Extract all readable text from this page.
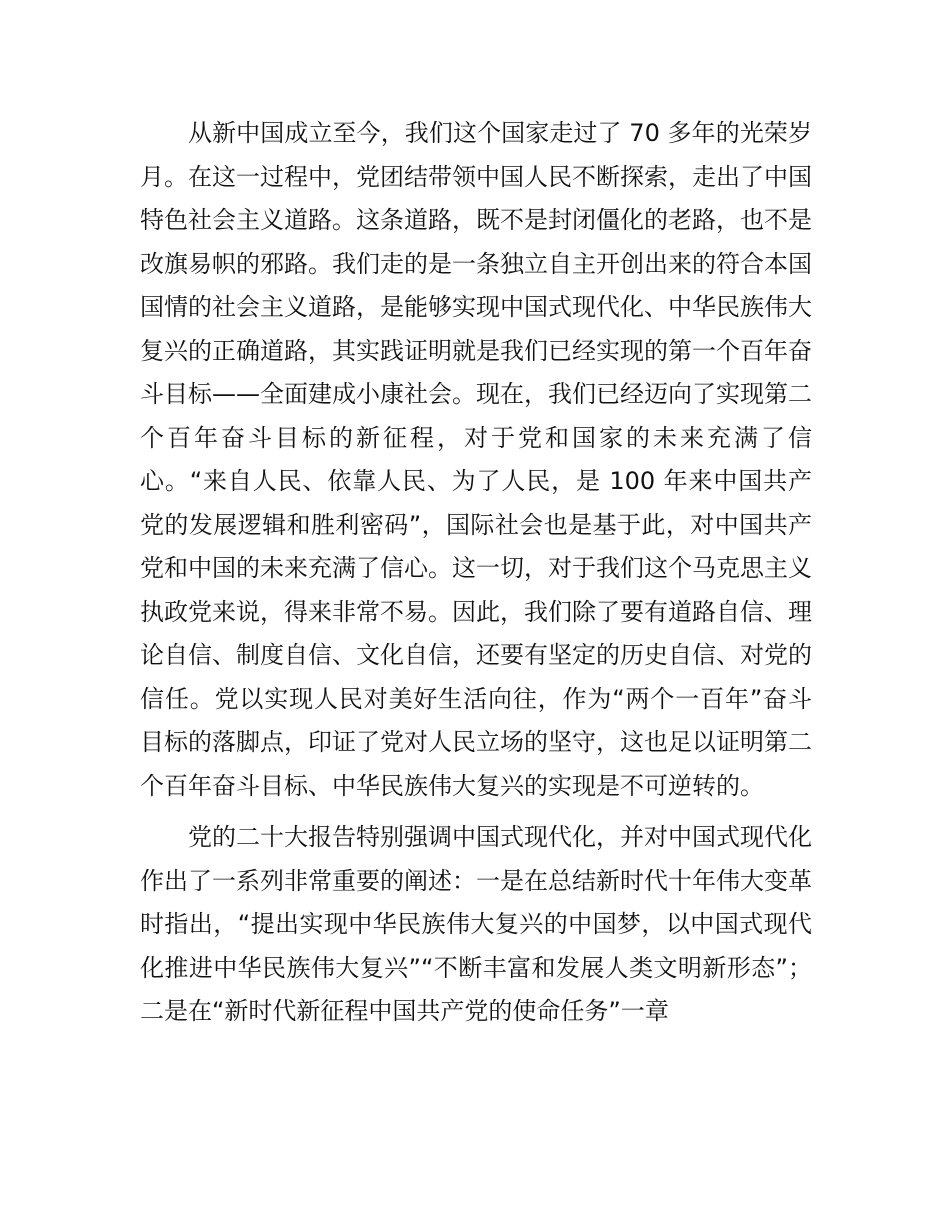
从新中国成立至今，我们这个国家走过了 70 多年的光荣岁月。在这一过程中，党团结带领中国人民不断探索，走出了中国特色社会主义道路。这条道路，既不是封闭僵化的老路，也不是改旗易帜的邪路。我们走的是一条独立自主开创出来的符合本国国情的社会主义道路，是能够实现中国式现代化、中华民族伟大复兴的正确道路，其实践证明就是我们已经实现的第一个百年奋斗目标——全面建成小康社会。现在，我们已经迈向了实现第二个百年奋斗目标的新征程，对于党和国家的未来充满了信心。“来自人民、依靠人民、为了人民，是 100 年来中国共产党的发展逻辑和胜利密码”，国际社会也是基于此，对中国共产党和中国的未来充满了信心。这一切，对于我们这个马克思主义执政党来说，得来非常不易。因此，我们除了要有道路自信、理论自信、制度自信、文化自信，还要有坚定的历史自信、对党的信任。党以实现人民对美好生活向往，作为“两个一百年”奋斗目标的落脚点，印证了党对人民立场的坚守，这也足以证明第二个百年奋斗目标、中华民族伟大复兴的实现是不可逆转的。

党的二十大报告特别强调中国式现代化，并对中国式现代化作出了一系列非常重要的阐述：一是在总结新时代十年伟大变革时指出，“提出实现中华民族伟大复兴的中国梦，以中国式现代化推进中华民族伟大复兴”“不断丰富和发展人类文明新形态”；二是在“新时代新征程中国共产党的使命任务”一章
